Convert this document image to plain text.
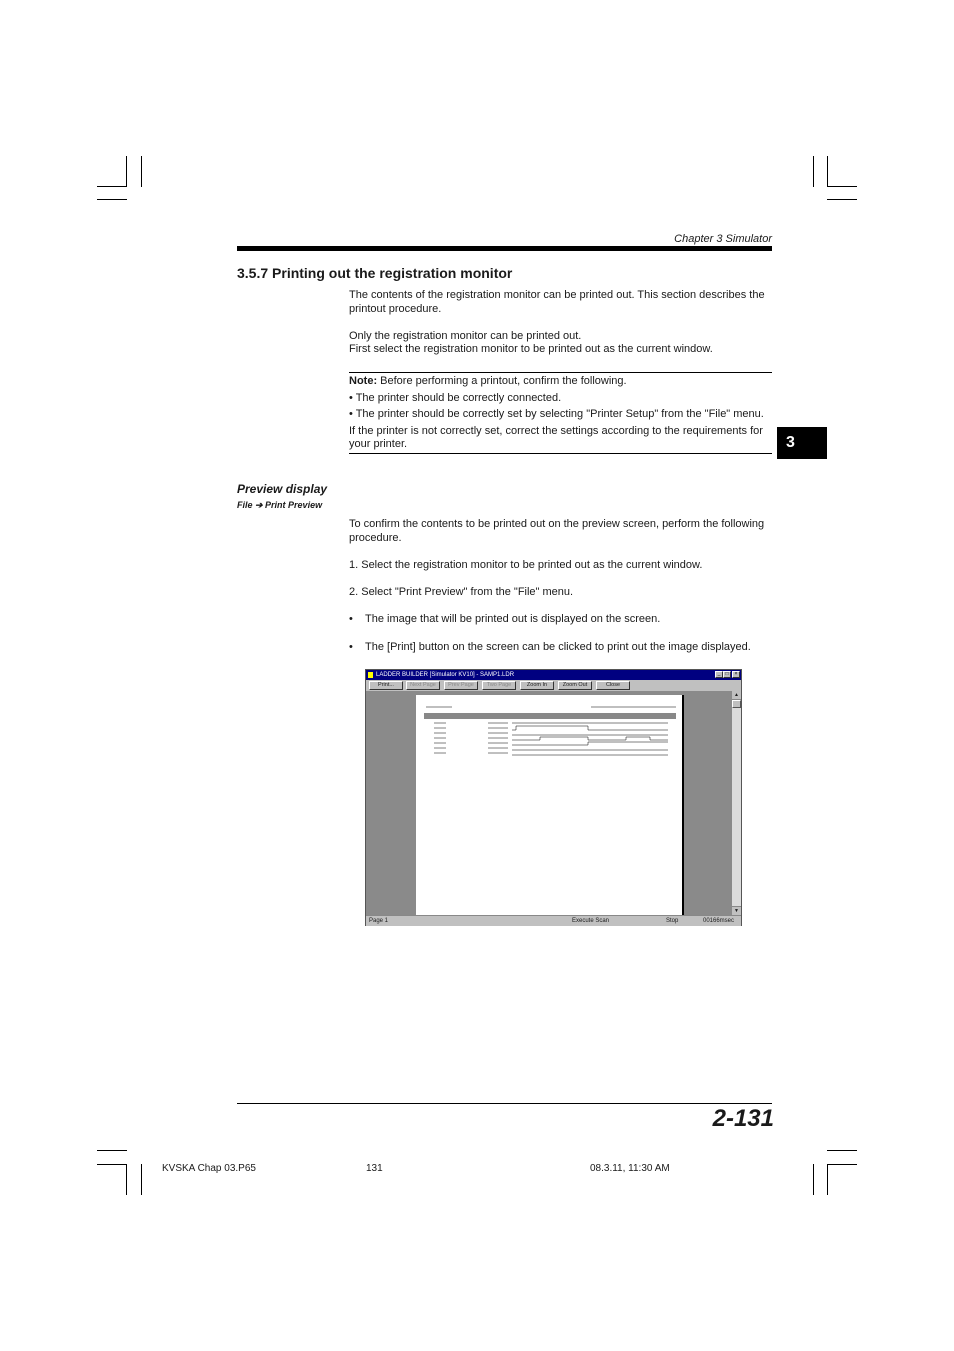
Chapter 3 Simulator
3.5.7 Printing out the registration monitor
The contents of the registration monitor can be printed out. This section describes the printout procedure.
Only the registration monitor can be printed out.
First select the registration monitor to be printed out as the current window.

Note: Before performing a printout, confirm the following.

• The printer should be correctly connected.

• The printer should be correctly set by selecting "Printer Setup" from the "File" menu.

If the printer is not correctly set, correct the settings according to the requirements for your printer.	3
Preview display
File ➔ Print Preview
To confirm the contents to be printed out on the preview screen, perform the following procedure.
1. Select the registration monitor to be printed out as the current window.
2. Select "Print Preview" from the "File" menu.
•	The image that will be printed out is displayed on the screen.
•	The [Print] button on the screen can be clicked to print out the image displayed.
LADDER BUILDER [Simulator KV10] - SAMP1.LDR	_	□	×
Print...	Next Page	Prev Page	Two Page	Zoom In	Zoom Out	Close
▲
▼
Page 1	Execute Scan	Stop	00166msec
2-131
KVSKA Chap 03.P65	131	08.3.11, 11:30 AM
